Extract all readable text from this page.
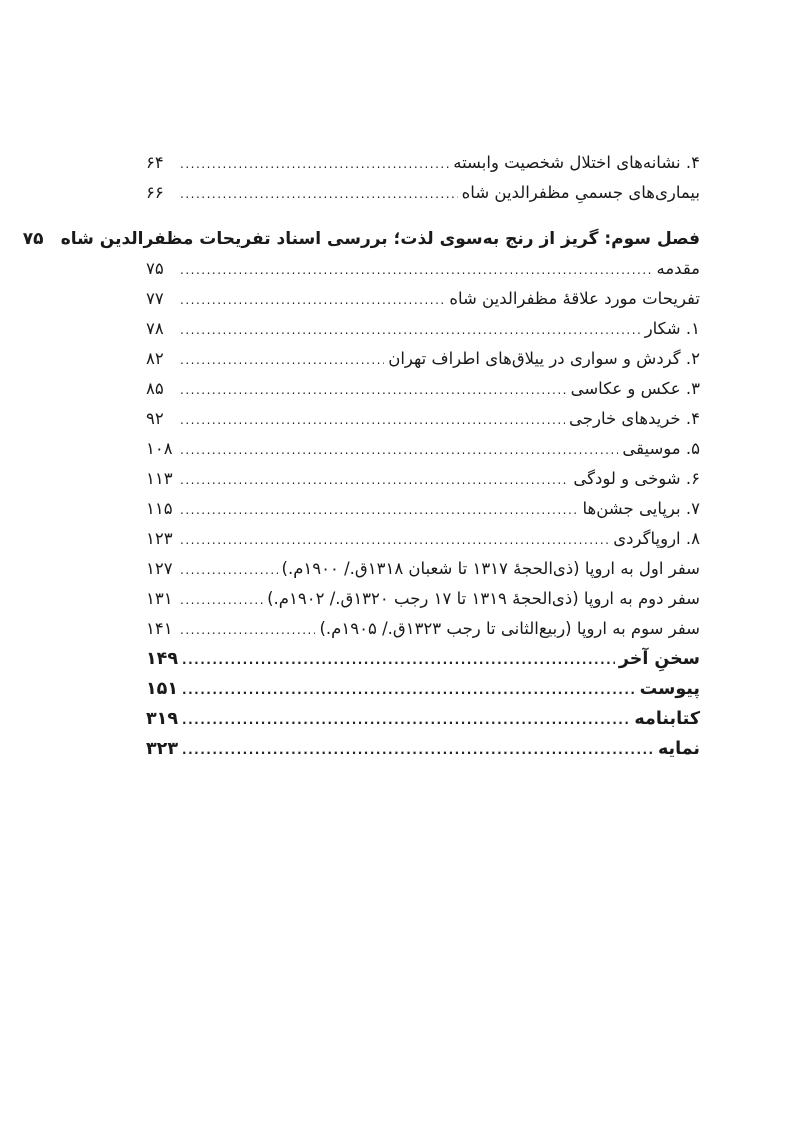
۴. نشانه‌های اختلال شخصیت وابسته
.....
۶۴
بیماری‌های جسمیِ مظفرالدین شاه
.....
۶۶
فصل سوم: گریز از رنج به‌سوی لذت؛ بررسی اسناد تفریحات مظفرالدین شاه
۷۵
مقدمه
.....
۷۵
تفریحات مورد علاقهٔ مظفرالدین شاه
.....
۷۷
۱. شکار
.....
۷۸
۲. گردش و سواری در ییلاق‌های اطراف تهران
.....
۸۲
۳. عکس و عکاسی
.....
۸۵
۴. خریدهای خارجی
.....
۹۲
۵. موسیقی
.....
۱۰۸
۶. شوخی و لودگی
.....
۱۱۳
۷. برپایی جشن‌ها
.....
۱۱۵
۸. اروپاگردی
.....
۱۲۳
سفر اول به اروپا (ذی‌الحجهٔ ۱۳۱۷ تا شعبان ۱۳۱۸ق./ ۱۹۰۰م.)
.....
۱۲۷
سفر دوم به اروپا (ذی‌الحجهٔ ۱۳۱۹ تا ۱۷ رجب ۱۳۲۰ق./ ۱۹۰۲م.)
.....
۱۳۱
سفر سوم به اروپا (ربیع‌الثانی تا رجب ۱۳۲۳ق./ ۱۹۰۵م.)
.....
۱۴۱
سخنِ آخر
.....
۱۴۹
پیوست
.....
۱۵۱
کتابنامه
.....
۳۱۹
نمایه
.....
۳۲۳
